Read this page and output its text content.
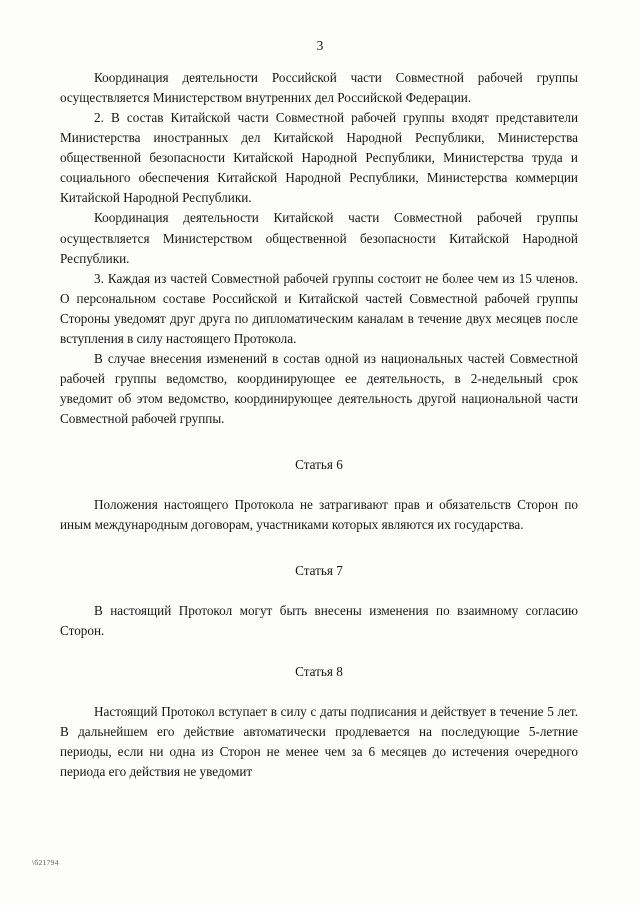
3

Координация деятельности Российской части Совместной рабочей группы осуществляется Министерством внутренних дел Российской Федерации.

2. В состав Китайской части Совместной рабочей группы входят представители Министерства иностранных дел Китайской Народной Республики, Министерства общественной безопасности Китайской Народной Республики, Министерства труда и социального обеспечения Китайской Народной Республики, Министерства коммерции Китайской Народной Республики.

Координация деятельности Китайской части Совместной рабочей группы осуществляется Министерством общественной безопасности Китайской Народной Республики.

3. Каждая из частей Совместной рабочей группы состоит не более чем из 15 членов. О персональном составе Российской и Китайской частей Совместной рабочей группы Стороны уведомят друг друга по дипломатическим каналам в течение двух месяцев после вступления в силу настоящего Протокола.

В случае внесения изменений в состав одной из национальных частей Совместной рабочей группы ведомство, координирующее ее деятельность, в 2-недельный срок уведомит об этом ведомство, координирующее деятельность другой национальной части Совместной рабочей группы.

Статья 6

Положения настоящего Протокола не затрагивают прав и обязательств Сторон по иным международным договорам, участниками которых являются их государства.

Статья 7

В настоящий Протокол могут быть внесены изменения по взаимному согласию Сторон.

Статья 8

Настоящий Протокол вступает в силу с даты подписания и действует в течение 5 лет. В дальнейшем его действие автоматически продлевается на последующие 5-летние периоды, если ни одна из Сторон не менее чем за 6 месяцев до истечения очередного периода его действия не уведомит

\б21794
